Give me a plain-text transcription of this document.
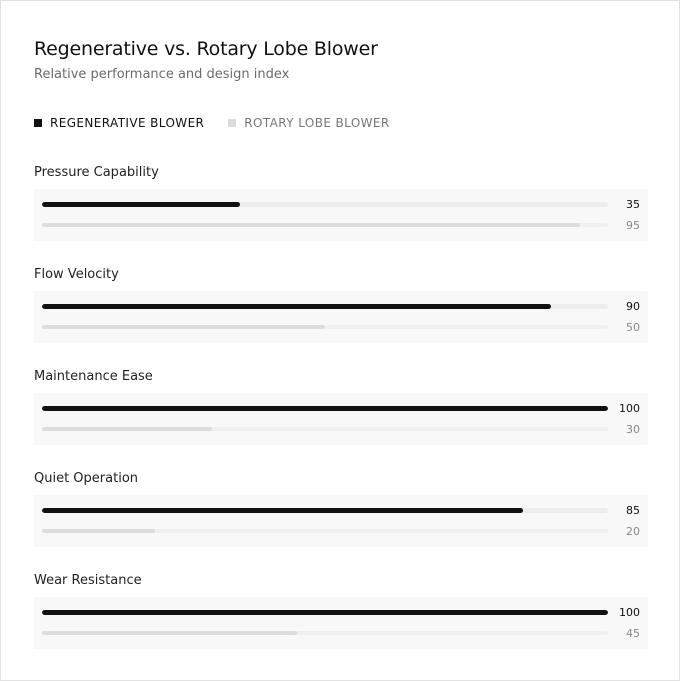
Regenerative vs. Rotary Lobe Blower
Relative performance and design index
REGENERATIVE BLOWER	ROTARY LOBE BLOWER
Pressure Capability
35
95
Flow Velocity
90
50
Maintenance Ease
100
30
Quiet Operation
85
20
Wear Resistance
100
45
